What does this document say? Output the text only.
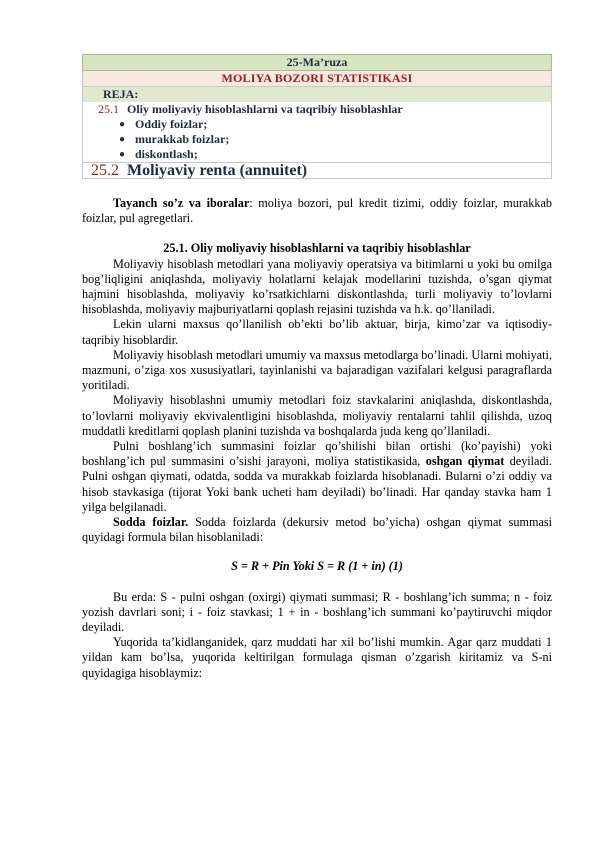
25-Ma’ruza
MOLIYA BOZORI STATISTIKASI
REJA:
25.1 Oliy moliyaviy hisoblashlarni va taqribiy hisoblashlar
● Oddiy foizlar;
● murakkab foizlar;
● diskontlash;
25.2 Moliyaviy renta (annuitet)

Tayanch so’z va iboralar: moliya bozori, pul kredit tizimi, oddiy foizlar, murakkab foizlar, pul agregetlari.

25.1. Oliy moliyaviy hisoblashlarni va taqribiy hisoblashlar

Moliyaviy hisoblash metodlari yana moliyaviy operatsiya va bitimlarni u yoki bu omilga bog’liqligini aniqlashda, moliyaviy holatlarni kelajak modellarini tuzishda, o’sgan qiymat hajmini hisoblashda, moliyaviy ko’rsatkichlarni diskontlashda, turli moliyaviy to’lovlarni hisoblashda, moliyaviy majburiyatlarni qoplash rejasini tuzishda va h.k. qo’llaniladi.

Lekin ularni maxsus qo’llanilish ob’ekti bo’lib aktuar, birja, kimo’zar va iqtisodiy-taqribiy hisoblardir.

Moliyaviy hisoblash metodlari umumiy va maxsus metodlarga bo’linadi. Ularni mohiyati, mazmuni, o’ziga xos xususiyatlari, tayinlanishi va bajaradigan vazifalari kelgusi paragraflarda yoritiladi.

Moliyaviy hisoblashni umumiy metodlari foiz stavkalarini aniqlashda, diskontlashda, to’lovlarni moliyaviy ekvivalentligini hisoblashda, moliyaviy rentalarni tahlil qilishda, uzoq muddatli kreditlarni qoplash planini tuzishda va boshqalarda juda keng qo’llaniladi.

Pulni boshlang’ich summasini foizlar qo’shilishi bilan ortishi (ko’payishi) yoki boshlang’ich pul summasini o’sishi jarayoni, moliya statistikasida, oshgan qiymat deyiladi. Pulni oshgan qiymati, odatda, sodda va murakkab foizlarda hisoblanadi. Bularni o’zi oddiy va hisob stavkasiga (tijorat Yoki bank ucheti ham deyiladi) bo’linadi. Har qanday stavka ham 1 yilga belgilanadi.

Sodda foizlar. Sodda foizlarda (dekursiv metod bo’yicha) oshgan qiymat summasi quyidagi formula bilan hisoblaniladi:

S = R + Pin Yoki S = R (1 + in) (1)

Bu erda: S - pulni oshgan (oxirgi) qiymati summasi; R - boshlang’ich summa; n - foiz yozish davrlari soni; i - foiz stavkasi; 1 + in - boshlang’ich summani ko’paytiruvchi miqdor deyiladi.

Yuqorida ta’kidlanganidek, qarz muddati har xil bo’lishi mumkin. Agar qarz muddati 1 yildan kam bo’lsa, yuqorida keltirilgan formulaga qisman o’zgarish kiritamiz va S-ni quyidagiga hisoblaymiz:
